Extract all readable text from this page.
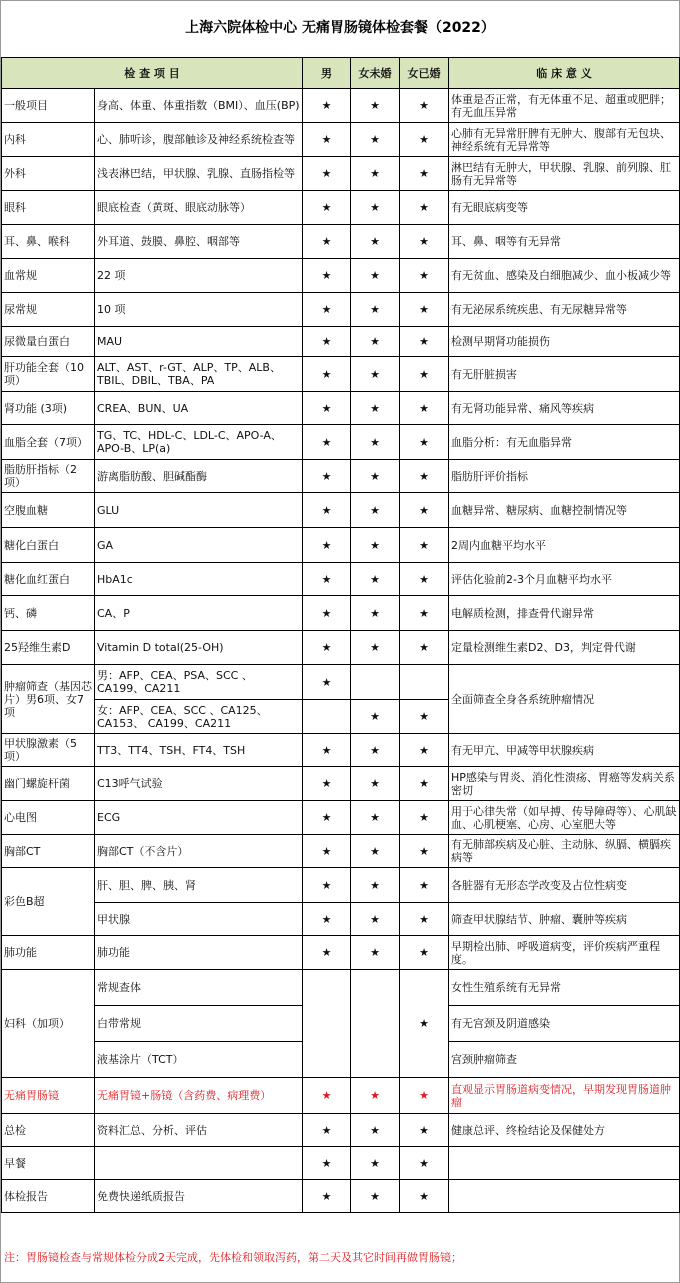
上海六院体检中心 无痛胃肠镜体检套餐（2022）
检 查 项 目		男	女未婚	女已婚	临 床 意 义
一般项目	身高、体重、体重指数（BMI）、血压(BP)	★	★	★	体重是否正常，有无体重不足、超重或肥胖；有无血压异常
内科	心、肺听诊，腹部触诊及神经系统检查等	★	★	★	心肺有无异常肝脾有无肿大、腹部有无包块、神经系统有无异常等
外科	浅表淋巴结，甲状腺、乳腺、直肠指检等	★	★	★	淋巴结有无肿大，甲状腺、乳腺、前列腺、肛肠有无异常等
眼科	眼底检查（黄斑、眼底动脉等）	★	★	★	有无眼底病变等
耳、鼻、喉科	外耳道、鼓膜、鼻腔、咽部等	★	★	★	耳、鼻、咽等有无异常
血常规	22 项	★	★	★	有无贫血、感染及白细胞减少、血小板减少等
尿常规	10 项	★	★	★	有无泌尿系统疾患、有无尿糖异常等
尿微量白蛋白	MAU	★	★	★	检测早期肾功能损伤
肝功能全套（10项）	ALT、AST、r-GT、ALP、TP、ALB、TBIL、DBIL、TBA、PA	★	★	★	有无肝脏损害
肾功能 (3项)	CREA、BUN、UA	★	★	★	有无肾功能异常、痛风等疾病
血脂全套（7项）	TG、TC、HDL-C、LDL-C、APO-A、APO-B、LP(a)	★	★	★	血脂分析：有无血脂异常
脂肪肝指标（2项）	游离脂肪酸、胆碱酯酶	★	★	★	脂肪肝评价指标
空腹血糖	GLU	★	★	★	血糖异常、糖尿病、血糖控制情况等
糖化白蛋白	GA	★	★	★	2周内血糖平均水平
糖化血红蛋白	HbA1c	★	★	★	评估化验前2-3个月血糖平均水平
钙、磷	CA、P	★	★	★	电解质检测，排查骨代谢异常
25羟维生素D	Vitamin D total(25-OH)	★	★	★	定量检测维生素D2、D3，判定骨代谢
肿瘤筛查（基因芯片）男6项、女7项	男：AFP、CEA、PSA、SCC 、CA199、CA211	★			全面筛查全身各系统肿瘤情况
	女：AFP、CEA、SCC 、CA125、CA153、 CA199、CA211		★	★	
甲状腺激素（5项）	TT3、TT4、TSH、FT4、TSH	★	★	★	有无甲亢、甲减等甲状腺疾病
幽门螺旋杆菌	C13呼气试验	★	★	★	HP感染与胃炎、消化性溃疡、胃癌等发病关系密切
心电图	ECG	★	★	★	用于心律失常（如早搏、传导障碍等）、心肌缺血、心肌梗塞、心房、心室肥大等
胸部CT	胸部CT（不含片）	★	★	★	有无肺部疾病及心脏、主动脉、纵膈、横膈疾病等
彩色B超	肝、胆、脾、胰、肾	★	★	★	各脏器有无形态学改变及占位性病变
	甲状腺	★	★	★	筛查甲状腺结节、肿瘤、囊肿等疾病
肺功能	肺功能	★	★	★	早期检出肺、呼吸道病变，评价疾病严重程度。
妇科（加项）	常规查体			★	女性生殖系统有无异常
	白带常规				有无宫颈及阴道感染
	液基涂片（TCT）				宫颈肿瘤筛查
无痛胃肠镜	无痛胃镜+肠镜（含药费、病理费）	★	★	★	直观显示胃肠道病变情况，早期发现胃肠道肿瘤
总检	资料汇总、分析、评估	★	★	★	健康总评、终检结论及保健处方
早餐		★	★	★	
体检报告	免费快递纸质报告	★	★	★	
注：胃肠镜检查与常规体检分成2天完成，先体检和领取泻药，第二天及其它时间再做胃肠镜；
